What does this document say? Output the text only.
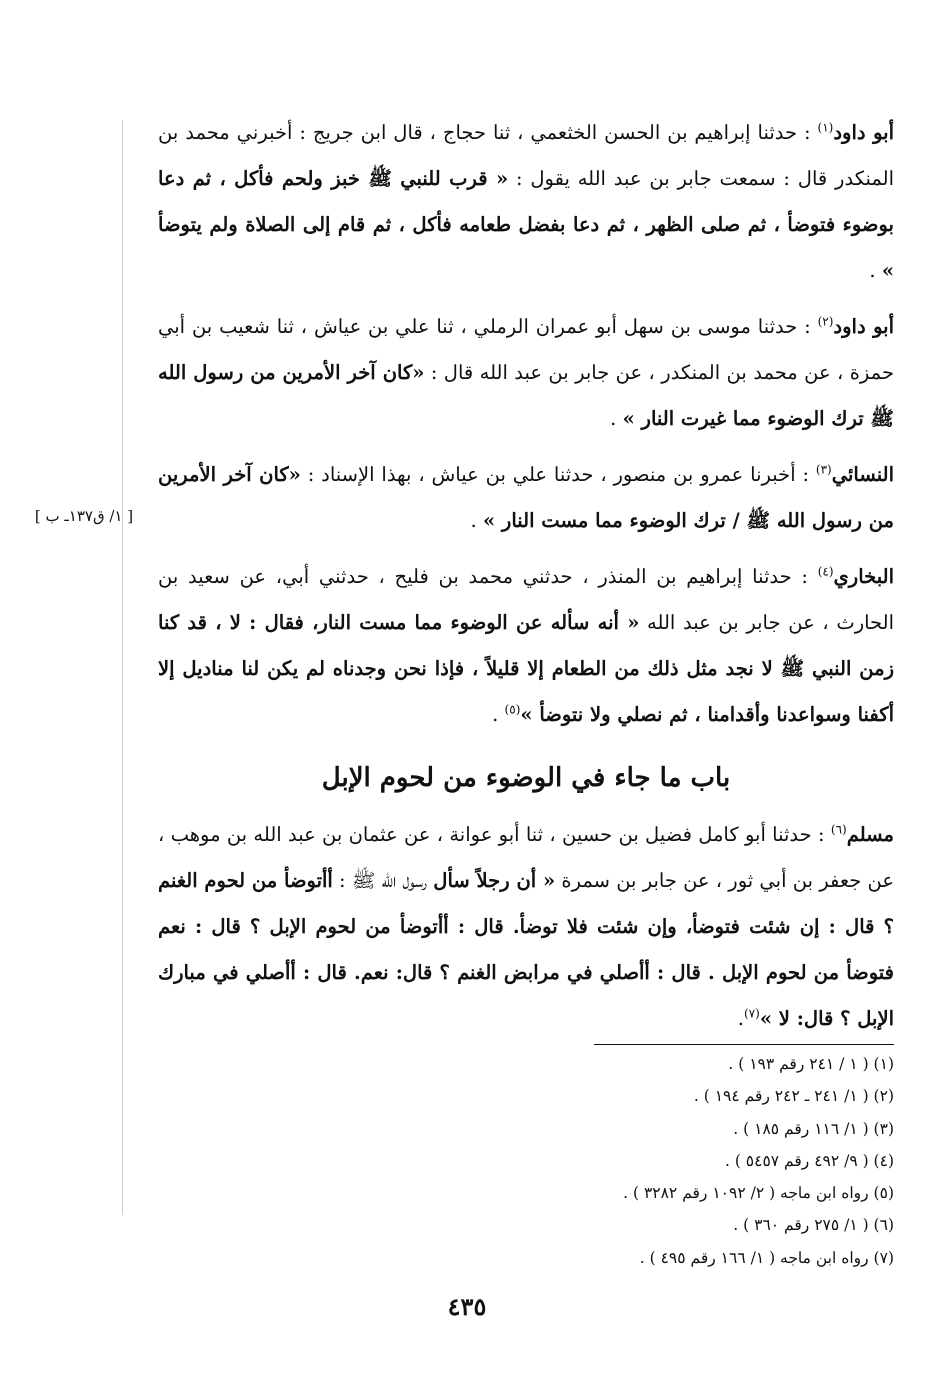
[ ١/ ق١٣٧ـ ب ]

أبو داود$^{(١)}$ : حدثنا إبراهيم بن الحسن الخثعمي ، ثنا حجاج ، قال ابن جريج : أخبرني محمد بن المنكدر قال : سمعت جابر بن عبد الله يقول : « قرب للنبي ﷺ خبز ولحم فأكل ، ثم دعا بوضوء فتوضأ ، ثم صلى الظهر ، ثم دعا بفضل طعامه فأكل ، ثم قام إلى الصلاة ولم يتوضأ » .

أبو داود$^{(٢)}$ : حدثنا موسى بن سهل أبو عمران الرملي ، ثنا علي بن عياش ، ثنا شعيب بن أبي حمزة ، عن محمد بن المنكدر ، عن جابر بن عبد الله قال : «كان آخر الأمرين من رسول الله ﷺ ترك الوضوء مما غيرت النار » .

النسائي$^{(٣)}$ : أخبرنا عمرو بن منصور ، حدثنا علي بن عياش ، بهذا الإسناد : «كان آخر الأمرين من رسول الله ﷺ / ترك الوضوء مما مست النار » .

البخاري$^{(٤)}$ : حدثنا إبراهيم بن المنذر ، حدثني محمد بن فليح ، حدثني أبي، عن سعيد بن الحارث ، عن جابر بن عبد الله « أنه سأله عن الوضوء مما مست النار، فقال : لا ، قد كنا زمن النبي ﷺ لا نجد مثل ذلك من الطعام إلا قليلاً ، فإذا نحن وجدناه لم يكن لنا مناديل إلا أكفنا وسواعدنا وأقدامنا ، ثم نصلي ولا نتوضأ »$^{(٥)}$ .

باب ما جاء في الوضوء من لحوم الإبل

مسلم$^{(٦)}$ : حدثنا أبو كامل فضيل بن حسين ، ثنا أبو عوانة ، عن عثمان بن عبد الله بن موهب ، عن جعفر بن أبي ثور ، عن جابر بن سمرة « أن رجلاً سأل رسول الله ﷺ : أأتوضأ من لحوم الغنم ؟ قال : إن شئت فتوضأ، وإن شئت فلا توضأ. قال : أأتوضأ من لحوم الإبل ؟ قال : نعم فتوضأ من لحوم الإبل . قال : أأصلي في مرابض الغنم ؟ قال: نعم. قال : أأصلي في مبارك الإبل ؟ قال: لا »$^{(٧)}$.

(١) ( ١ / ٢٤١ رقم ١٩٣ ) .
(٢) ( ١/ ٢٤١ ـ ٢٤٢ رقم ١٩٤ ) .
(٣) ( ١/ ١١٦ رقم ١٨٥ ) .
(٤) ( ٩/ ٤٩٢ رقم ٥٤٥٧ ) .
(٥) رواه ابن ماجه ( ٢/ ١٠٩٢ رقم ٣٢٨٢ ) .
(٦) ( ١/ ٢٧٥ رقم ٣٦٠ ) .
(٧) رواه ابن ماجه ( ١/ ١٦٦ رقم ٤٩٥ ) .
٤٣٥
